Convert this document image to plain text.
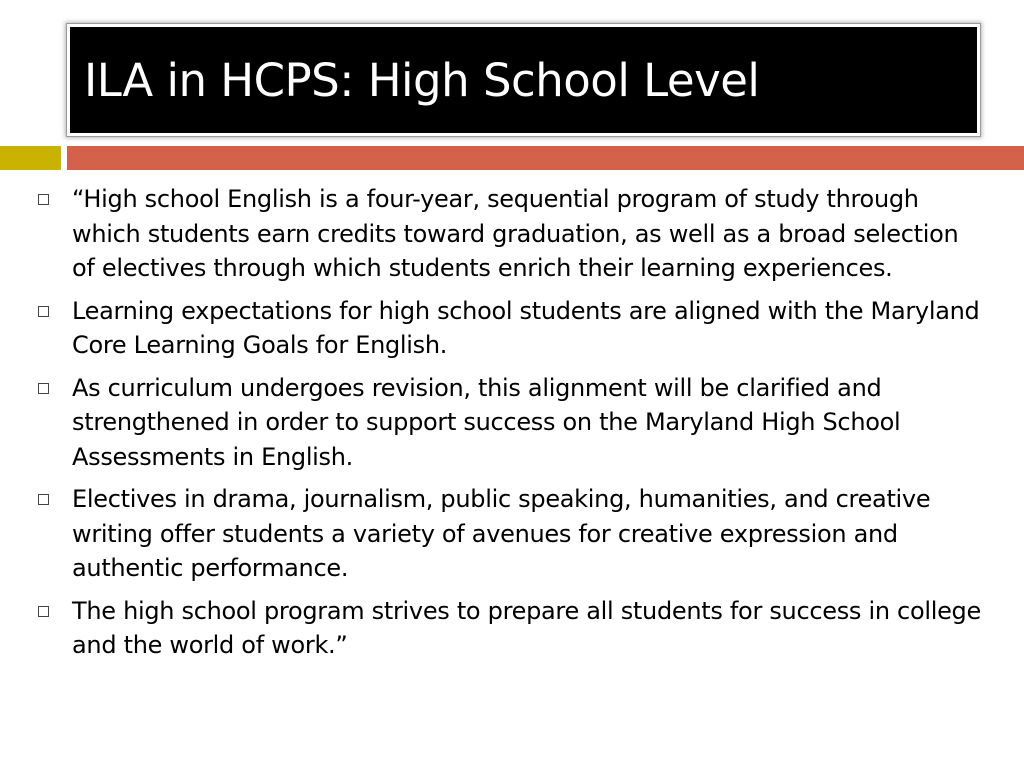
ILA in HCPS: High School Level
“High school English is a four-year, sequential program of study through which students earn credits toward graduation, as well as a broad selection of electives through which students enrich their learning experiences.
Learning expectations for high school students are aligned with the Maryland Core Learning Goals for English.
As curriculum undergoes revision, this alignment will be clarified and strengthened in order to support success on the Maryland High School Assessments in English.
Electives in drama, journalism, public speaking, humanities, and creative writing offer students a variety of avenues for creative expression and authentic performance.
The high school program strives to prepare all students for success in college and the world of work.”
